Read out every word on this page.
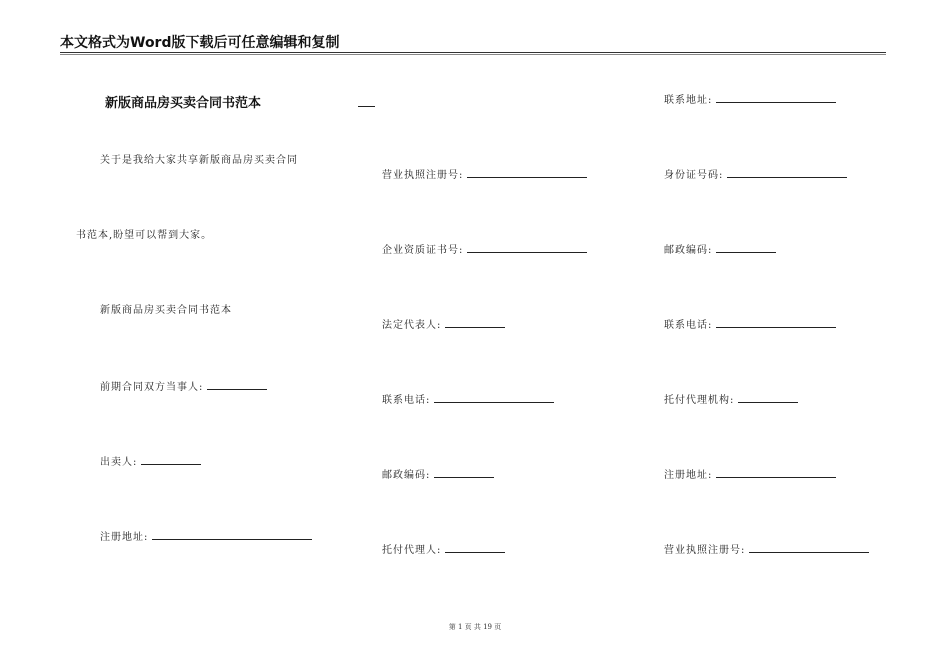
本文格式为Word版下载后可任意编辑和复制
新版商品房买卖合同书范本
关于是我给大家共享新版商品房买卖合同
书范本,盼望可以帮到大家。
新版商品房买卖合同书范本
前期合同双方当事人:
出卖人:
注册地址:
营业执照注册号:
企业资质证书号:
法定代表人:
联系电话:
邮政编码:
托付代理人:
联系地址:
身份证号码:
邮政编码:
联系电话:
托付代理机构:
注册地址:
营业执照注册号:
第 1 页 共 19 页
